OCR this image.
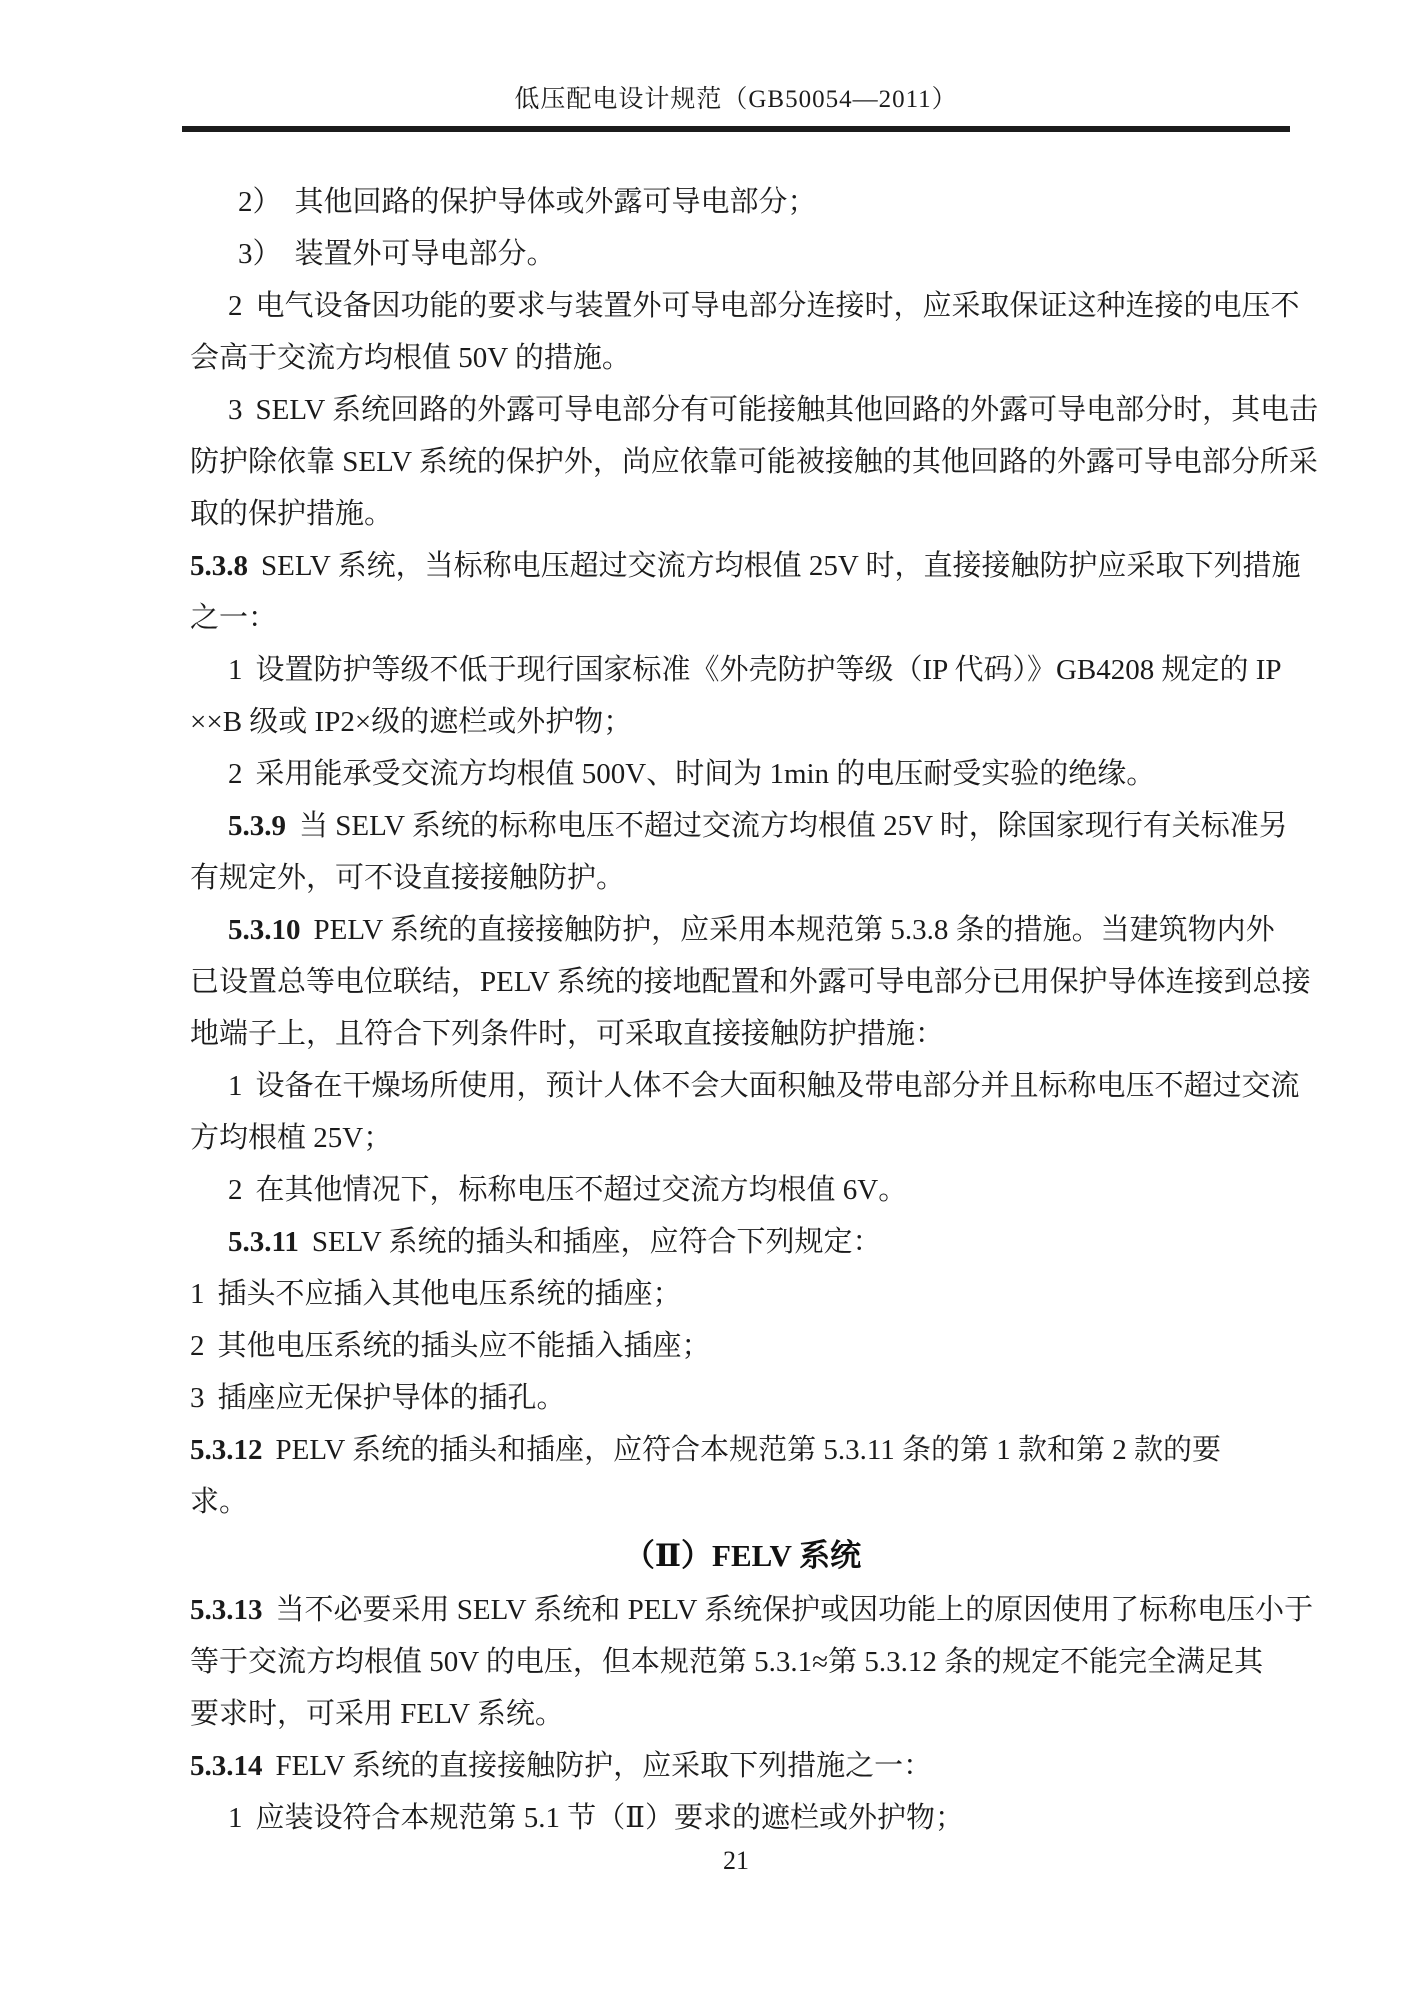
低压配电设计规范（GB50054—2011）
2） 其他回路的保护导体或外露可导电部分；
3） 装置外可导电部分。
2 电气设备因功能的要求与装置外可导电部分连接时，应采取保证这种连接的电压不
会高于交流方均根值 50V 的措施。
3 SELV 系统回路的外露可导电部分有可能接触其他回路的外露可导电部分时，其电击
防护除依靠 SELV 系统的保护外，尚应依靠可能被接触的其他回路的外露可导电部分所采
取的保护措施。
5.3.8 SELV 系统，当标称电压超过交流方均根值 25V 时，直接接触防护应采取下列措施
之一：
1 设置防护等级不低于现行国家标准《外壳防护等级（IP 代码）》GB4208 规定的 IP
××B 级或 IP2×级的遮栏或外护物；
2 采用能承受交流方均根值 500V、时间为 1min 的电压耐受实验的绝缘。
5.3.9 当 SELV 系统的标称电压不超过交流方均根值 25V 时，除国家现行有关标准另
有规定外，可不设直接接触防护。
5.3.10 PELV 系统的直接接触防护，应采用本规范第 5.3.8 条的措施。当建筑物内外
已设置总等电位联结，PELV 系统的接地配置和外露可导电部分已用保护导体连接到总接
地端子上，且符合下列条件时，可采取直接接触防护措施：
1 设备在干燥场所使用，预计人体不会大面积触及带电部分并且标称电压不超过交流
方均根植 25V；
2 在其他情况下，标称电压不超过交流方均根值 6V。
5.3.11 SELV 系统的插头和插座，应符合下列规定：
1 插头不应插入其他电压系统的插座；
2 其他电压系统的插头应不能插入插座；
3 插座应无保护导体的插孔。
5.3.12 PELV 系统的插头和插座，应符合本规范第 5.3.11 条的第 1 款和第 2 款的要
求。
（Ⅱ）FELV 系统
5.3.13 当不必要采用 SELV 系统和 PELV 系统保护或因功能上的原因使用了标称电压小于
等于交流方均根值 50V 的电压，但本规范第 5.3.1≈第 5.3.12 条的规定不能完全满足其
要求时，可采用 FELV 系统。
5.3.14 FELV 系统的直接接触防护，应采取下列措施之一：
1 应装设符合本规范第 5.1 节（Ⅱ）要求的遮栏或外护物；
21
